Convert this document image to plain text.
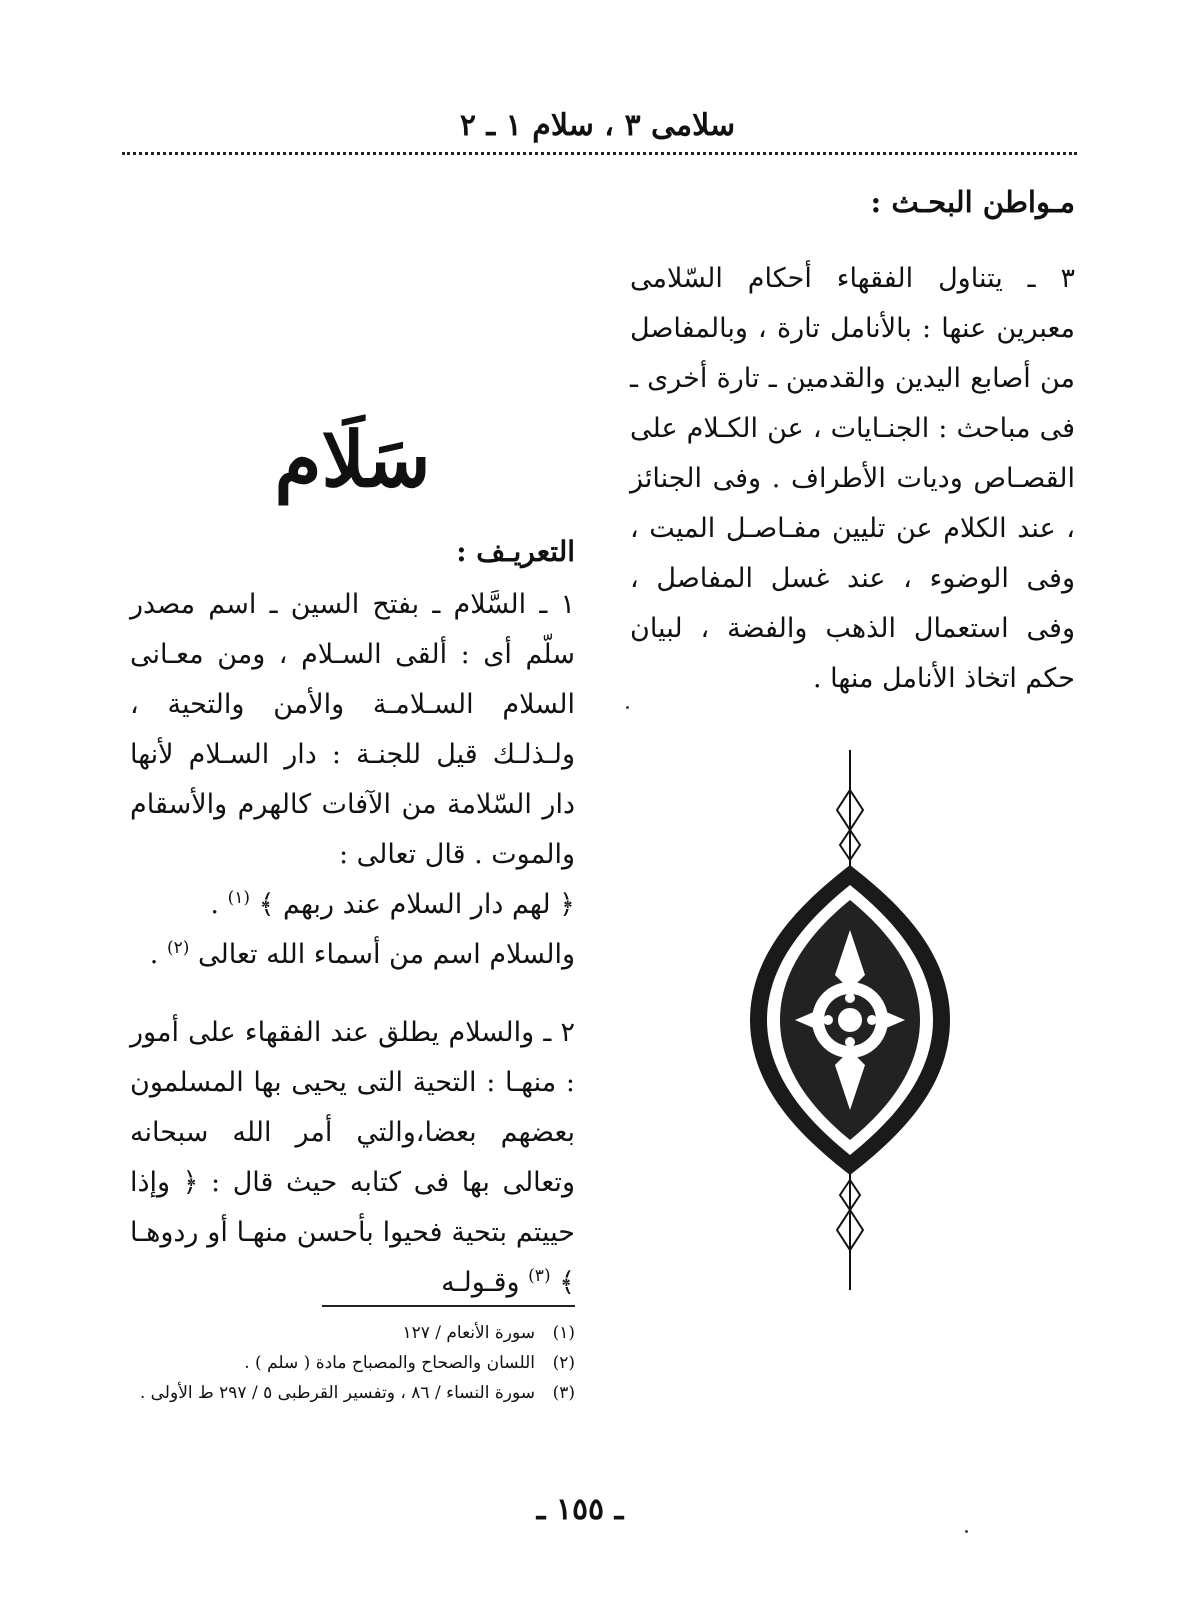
سلامى ٣ ، سلام ١ ـ ٢

مـواطن البحـث :

٣ ـ يتناول الفقهاء أحكام السّلامى معبرين عنها : بالأنامل تارة ، وبالمفاصل من أصابع اليدين والقدمين ـ تارة أخرى ـ فى مباحث : الجنـايات ، عن الكـلام على القصـاص وديات الأطراف . وفى الجنائز ، عند الكلام عن تليين مفـاصـل الميت ، وفى الوضوء ، عند غسل المفاصل ، وفى استعمال الذهب والفضة ، لبيان حكم اتخاذ الأنامل منها .

سَلَام

التعريـف :

١ ـ السَّلام ـ بفتح السين ـ اسم مصدر سلّم أى : ألقى السـلام ، ومن معـانى السلام السـلامـة والأمن والتحية ، ولـذلـك قيل للجنـة : دار السـلام لأنها دار السّلامة من الآفات كالهرم والأسقام والموت . قال تعالى :
﴿ لهم دار السلام عند ربهم ﴾ $^{(١)}$ .
والسلام اسم من أسماء الله تعالى $^{(٢)}$ .

٢ ـ والسلام يطلق عند الفقهاء على أمور : منهـا : التحية التى يحيى بها المسلمون بعضهم بعضا،والتي أمر الله سبحانه وتعالى بها فى كتابه حيث قال : ﴿ وإذا حييتم بتحية فحيوا بأحسن منهـا أو ردوهـا ﴾ $^{(٣)}$ وقـولـه

(١)
سورة الأنعام / ١٢٧
(٢)
اللسان والصحاح والمصباح مادة ( سلم ) .
(٣)
سورة النساء / ٨٦ ، وتفسير القرطبى ٥ / ٢٩٧ ط الأولى .
ـ ١٥٥ ـ
